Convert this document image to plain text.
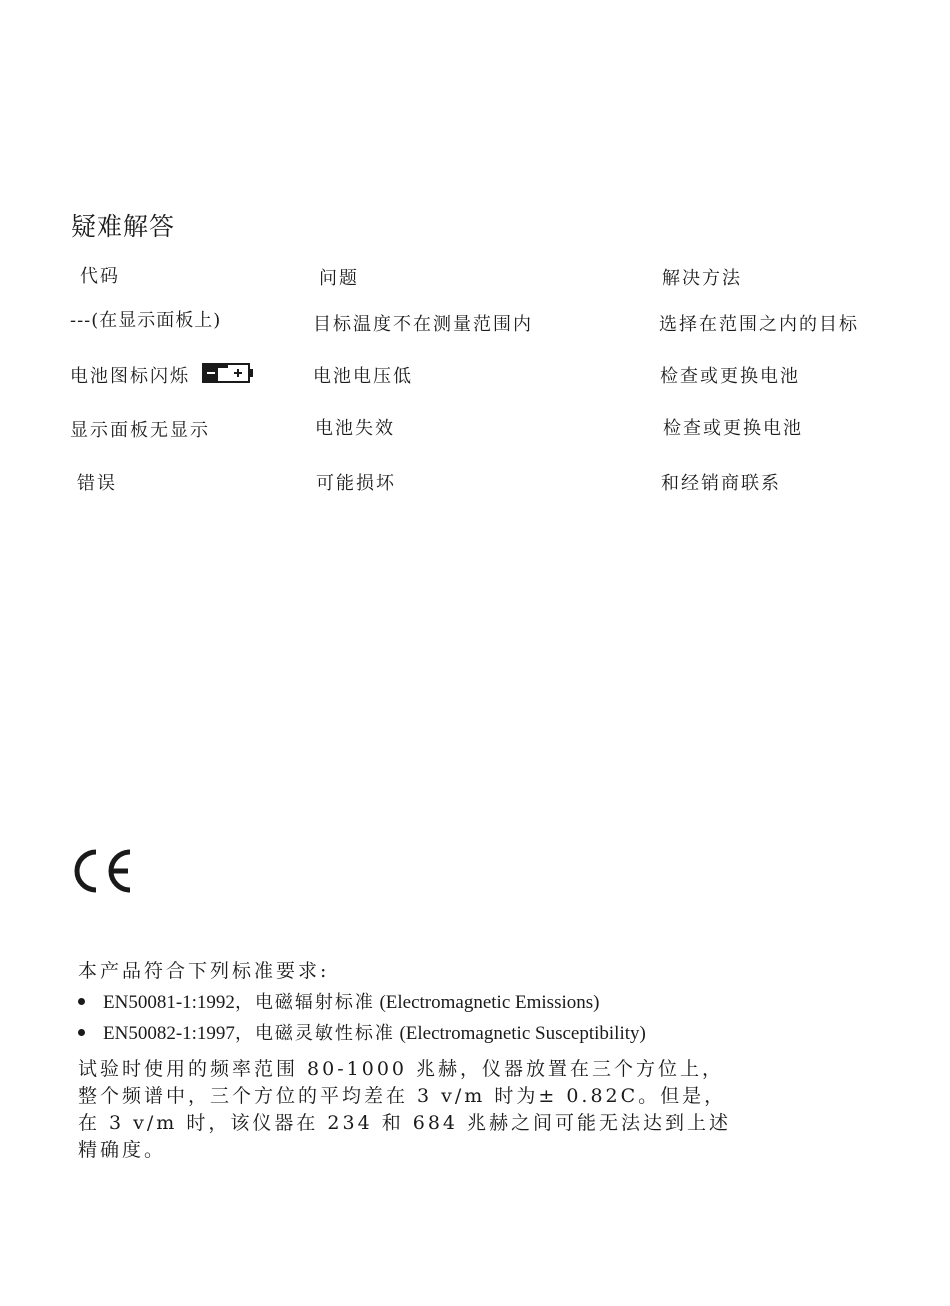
疑难解答
代码	问题	解决方法
---(在显示面板上)	目标温度不在测量范围内	选择在范围之内的目标
电池图标闪烁	电池电压低	检查或更换电池
显示面板无显示	电池失效	检查或更换电池
错误	可能损坏	和经销商联系
本产品符合下列标准要求:
EN50081-1:1992，电磁辐射标准 (Electromagnetic Emissions)
EN50082-1:1997，电磁灵敏性标准 (Electromagnetic Susceptibility)
试验时使用的频率范围 80-1000 兆赫，仪器放置在三个方位上，整个频谱中，三个方位的平均差在 3 v/m 时为± 0.82C。但是，在 3 v/m 时，该仪器在 234 和 684 兆赫之间可能无法达到上述精确度。
